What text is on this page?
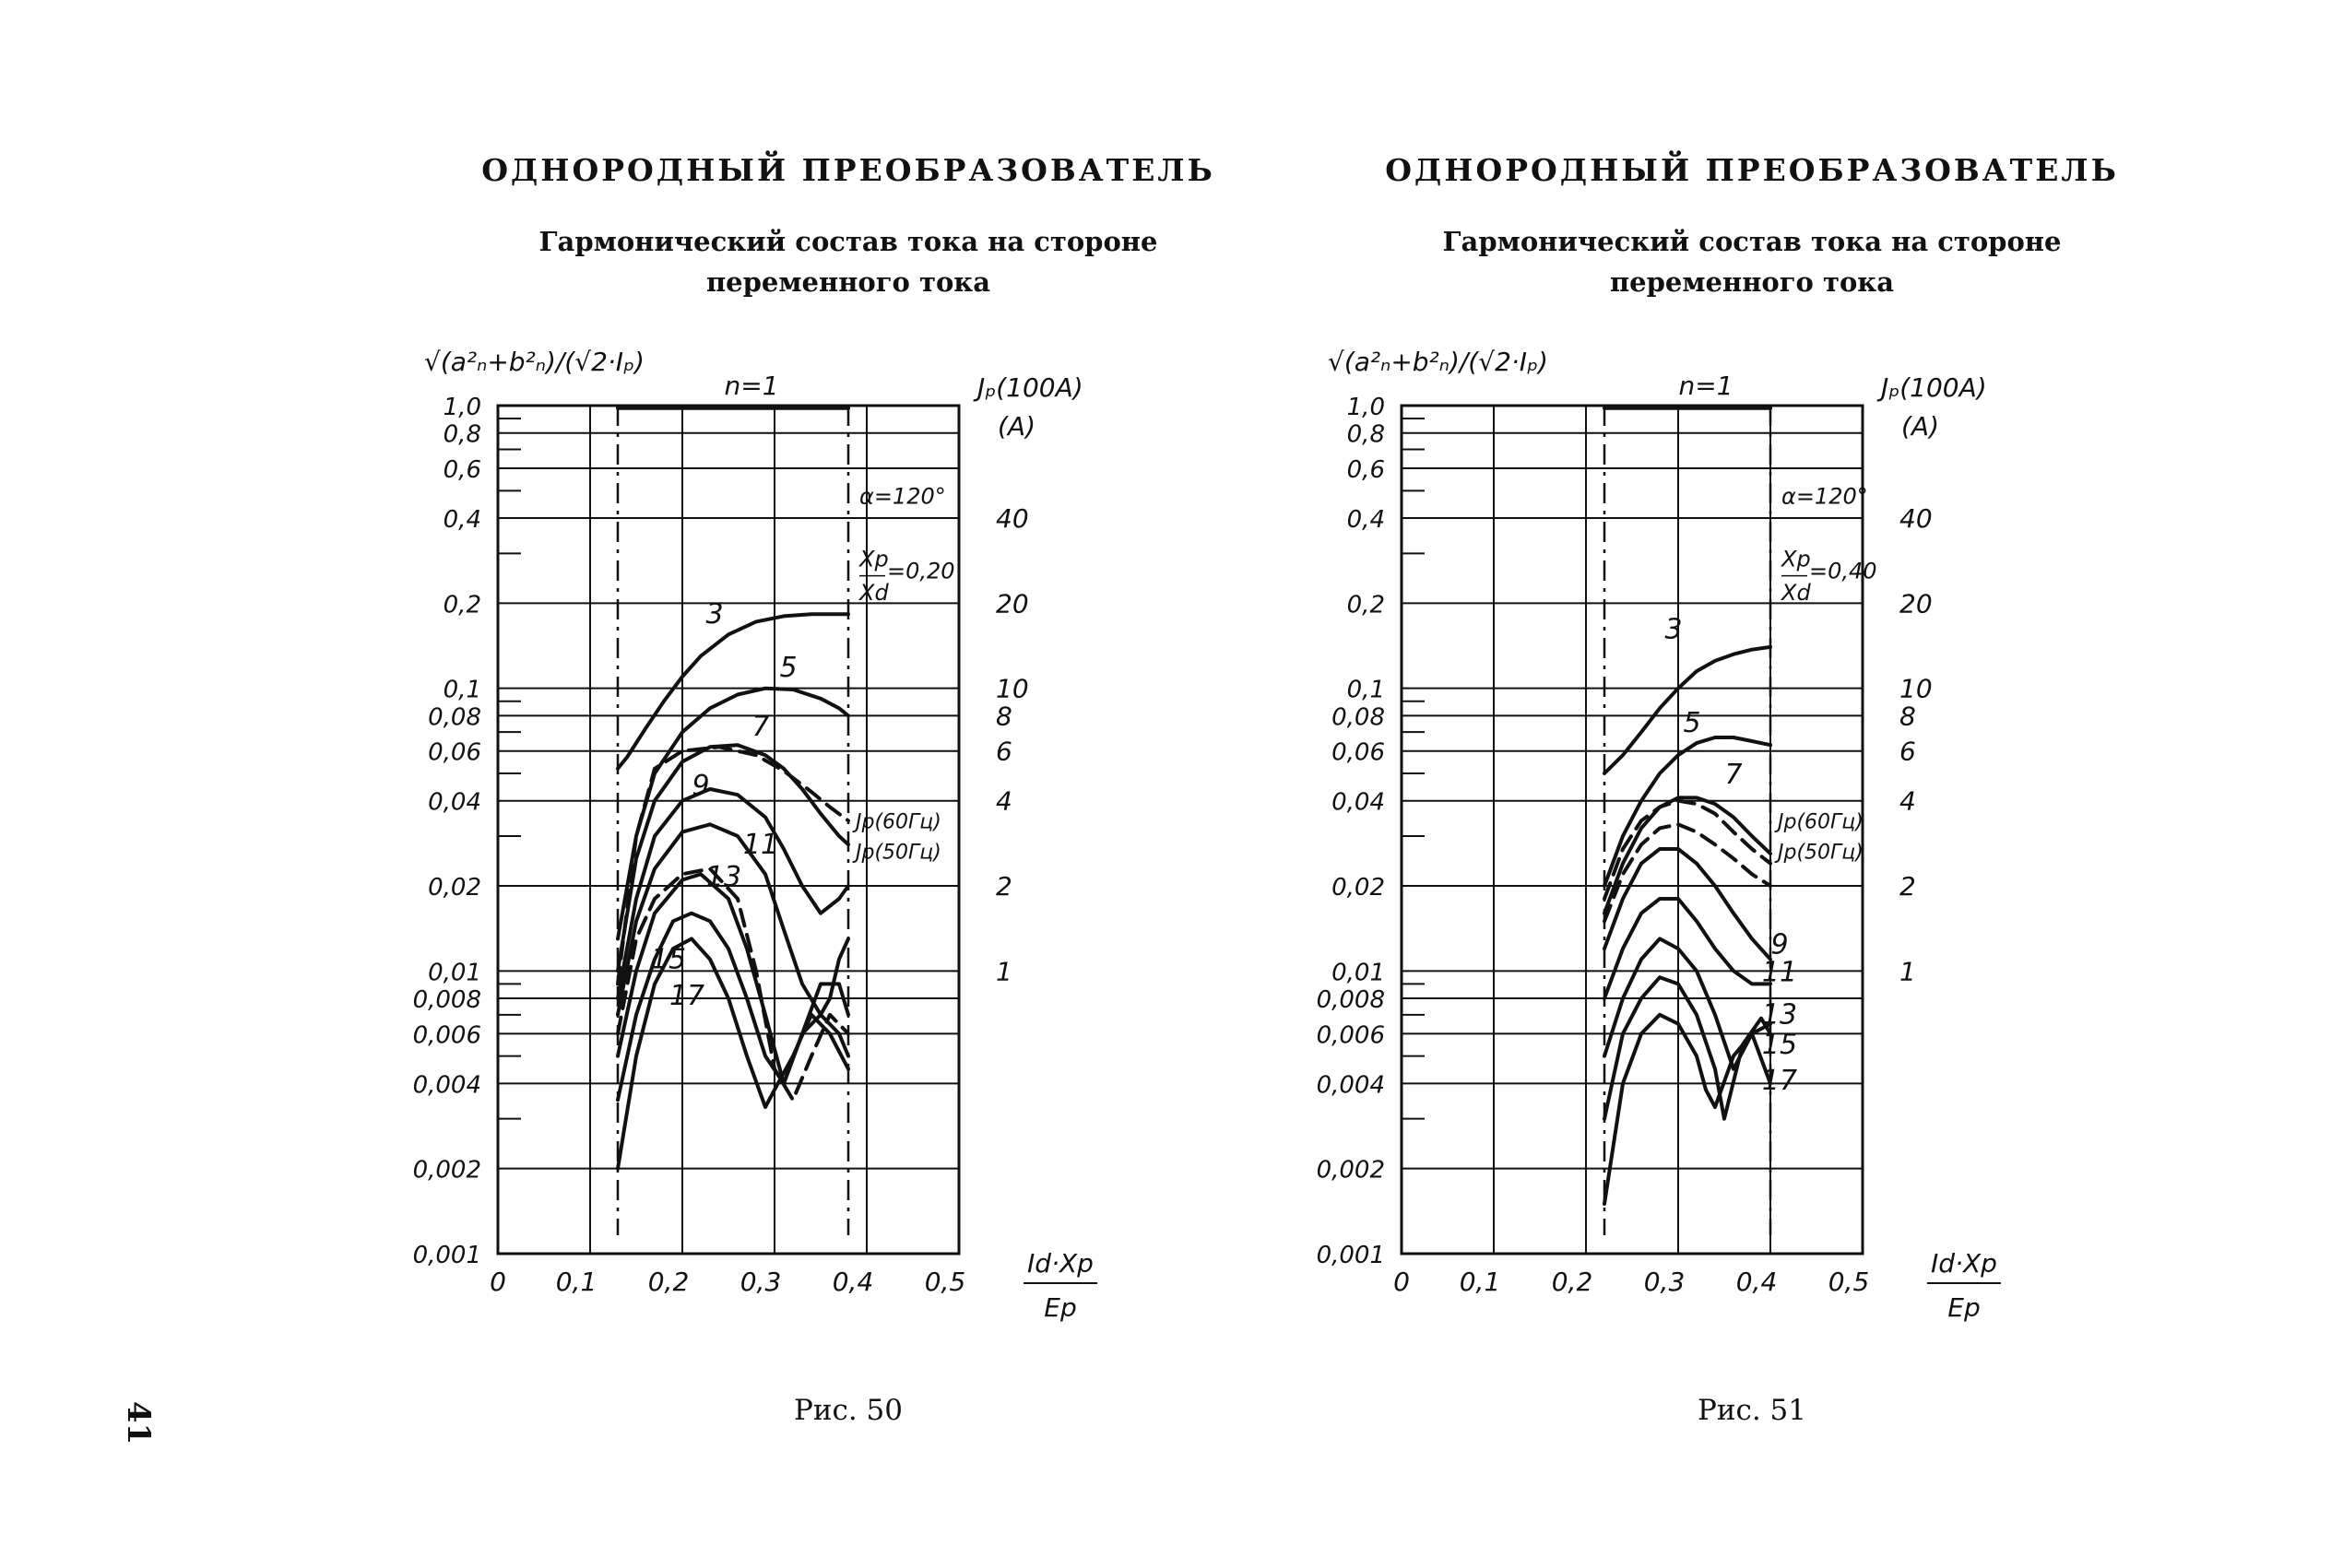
ОДНОРОДНЫЙ ПРЕОБРАЗОВАТЕЛЬ
Гармонический состав тока на стороне
переменного тока
1,0
0,8
0,6
0,4
0,2
0,1
0,08
0,06
0,04
0,02
0,01
0,008
0,006
0,004
0,002
0,001
40
20
10
8
6
4
2
1
0 0,1 0,2 0,3 0,4 0,5
√(a²ₙ+b²ₙ)/(√2·Iₚ)
Jₚ(100A)
(A)
Id·Xp
Ep
n=1
α=120°
Xp
Xd
=0,20
Jp(60Гц)
Jp(50Гц)
3
5
7
9
11
13
15
17
Рис. 50
ОДНОРОДНЫЙ ПРЕОБРАЗОВАТЕЛЬ
Гармонический состав тока на стороне
переменного тока
1,0
0,8
0,6
0,4
0,2
0,1
0,08
0,06
0,04
0,02
0,01
0,008
0,006
0,004
0,002
0,001
40
20
10
8
6
4
2
1
0 0,1 0,2 0,3 0,4 0,5
√(a²ₙ+b²ₙ)/(√2·Iₚ)
Jₚ(100A)
(A)
Id·Xp
Ep
n=1
α=120°
Xp
Xd
=0,40
Jp(60Гц)
Jp(50Гц)
3
5
7
9
11
13
15
17
Рис. 51
41
